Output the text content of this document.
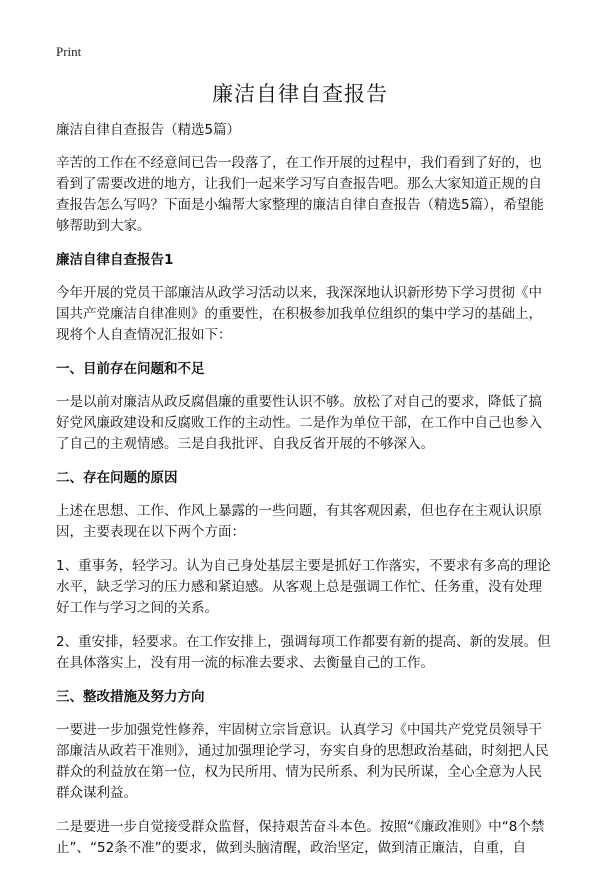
Print
廉洁自律自查报告

廉洁自律自查报告（精选5篇）

辛苦的工作在不经意间已告一段落了，在工作开展的过程中，我们看到了好的，也看到了需要改进的地方，让我们一起来学习写自查报告吧。那么大家知道正规的自查报告怎么写吗？下面是小编帮大家整理的廉洁自律自查报告（精选5篇），希望能够帮助到大家。

廉洁自律自查报告1

今年开展的党员干部廉洁从政学习活动以来，我深深地认识新形势下学习贯彻《中国共产党廉洁自律准则》的重要性，在积极参加我单位组织的集中学习的基础上，现将个人自查情况汇报如下：

一、目前存在问题和不足

一是以前对廉洁从政反腐倡廉的重要性认识不够。放松了对自己的要求，降低了搞好党风廉政建设和反腐败工作的主动性。二是作为单位干部，在工作中自己也参入了自己的主观情感。三是自我批评、自我反省开展的不够深入。

二、存在问题的原因

上述在思想、工作、作风上暴露的一些问题，有其客观因素，但也存在主观认识原因，主要表现在以下两个方面：

1、重事务，轻学习。认为自己身处基层主要是抓好工作落实，不要求有多高的理论水平，缺乏学习的压力感和紧迫感。从客观上总是强调工作忙、任务重，没有处理好工作与学习之间的关系。

2、重安排，轻要求。在工作安排上，强调每项工作都要有新的提高、新的发展。但在具体落实上，没有用一流的标准去要求、去衡量自己的工作。

三、整改措施及努力方向

一要进一步加强党性修养，牢固树立宗旨意识。认真学习《中国共产党党员领导干部廉洁从政若干准则》，通过加强理论学习，夯实自身的思想政治基础，时刻把人民群众的利益放在第一位，权为民所用、情为民所系、利为民所谋，全心全意为人民群众谋利益。

二是要进一步自觉接受群众监督，保持艰苦奋斗本色。按照“《廉政准则》中“8个禁止”、“52条不准”的要求，做到头脑清醒，政治坚定，做到清正廉洁，自重，自
